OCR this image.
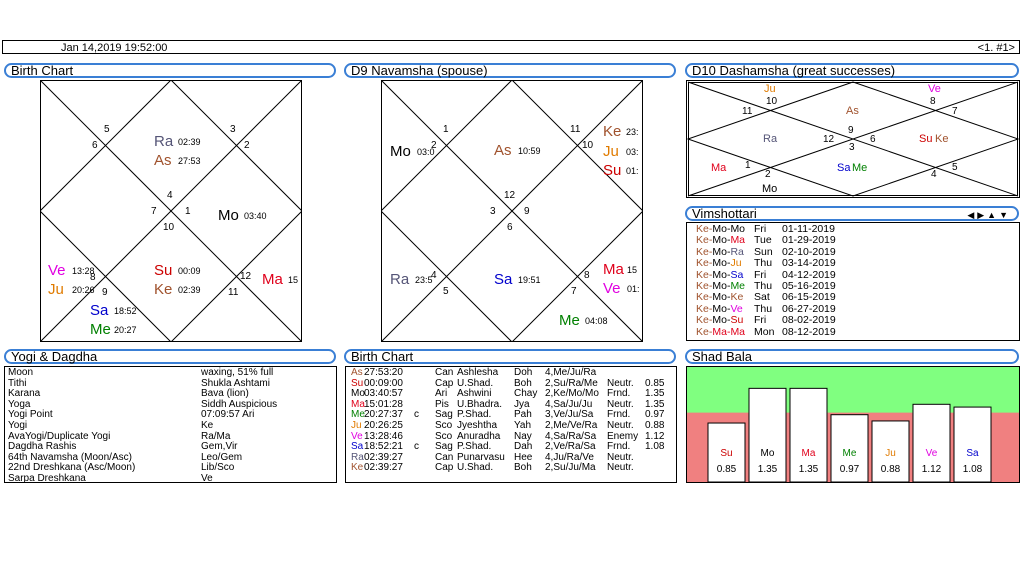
Jan 14,2019 19:52:00	<1. #1>
Birth Chart	D9 Navamsha (spouse)	D10 Dashamsha (great successes)
Vimshottari	◀▶▲▼
Yogi & Dagdha	Birth Chart	Shad Bala
5
6
3
2
4
7	1
10
8
9
12
11
Ra 02:39
As 27:53
Mo 03:40
Su 00:09
Ke 02:39
Ma 15
Ve 13:28
Ju 20:26
Sa 18:52
Me 20:27
1
2
11
10
12
3	9
6
4
5
8
7
Mo 03:0	As 10:59
Ke 23:
Ju 03:
Su 01:
Ra 23:5	Sa 19:51
Ma 15
Ve 01:
Me 04:08
10
11
8
7
9
12	6
3
1
2
5
4
Ju	Ve
As
Ra	Su Ke
Ma	Sa Me
Mo
Ke-Mo-Mo Fri 01-11-2019
Ke-Mo-Ma Tue 01-29-2019
Ke-Mo-Ra Sun 02-10-2019
Ke-Mo-Ju Thu 03-14-2019
Ke-Mo-Sa Fri 04-12-2019
Ke-Mo-Me Thu 05-16-2019
Ke-Mo-Ke Sat 06-15-2019
Ke-Mo-Ve Thu 06-27-2019
Ke-Mo-Su Fri 08-02-2019
Ke-Ma-Ma Mon 08-12-2019
Moon	waxing, 51% full
Tithi	Shukla Ashtami
Karana	Bava (lion)
Yoga	Siddh Auspicious
Yogi Point	07:09:57 Ari
Yogi	Ke
AvaYogi/Duplicate Yogi	Ra/Ma
Dagdha Rashis	Gem,Vir
64th Navamsha (Moon/Asc)	Leo/Gem
22nd Dreshkana (Asc/Moon)	Lib/Sco
Sarpa Dreshkana	Ve
As 27:53:20	Can Ashlesha Doh 4,Me/Ju/Ra
Su 00:09:00	Cap U.Shad. Boh 2,Su/Ra/Me Neutr. 0.85
Mo 03:40:57	Ari Ashwini Chay 2,Ke/Mo/Mo Frnd. 1.35
Ma 15:01:28	Pis U.Bhadra. Jya 4,Sa/Ju/Ju Neutr. 1.35
Me 20:27:37 c Sag P.Shad. Pah 3,Ve/Ju/Sa Frnd. 0.97
Ju 20:26:25	Sco Jyeshtha Yah 2,Me/Ve/Ra Neutr. 0.88
Ve 13:28:46	Sco Anuradha Nay 4,Sa/Ra/Sa Enemy 1.12
Sa 18:52:21 c Sag P.Shad. Dah 2,Ve/Ra/Sa Frnd. 1.08
Ra 02:39:27	Can Punarvasu Hee 4,Ju/Ra/Ve Neutr.
Ke 02:39:27	Cap U.Shad. Boh 2,Su/Ju/Ma Neutr.
Su
0.85
Mo
1.35
Ma
1.35
Me
0.97
Ju
0.88
Ve
1.12
Sa
1.08
